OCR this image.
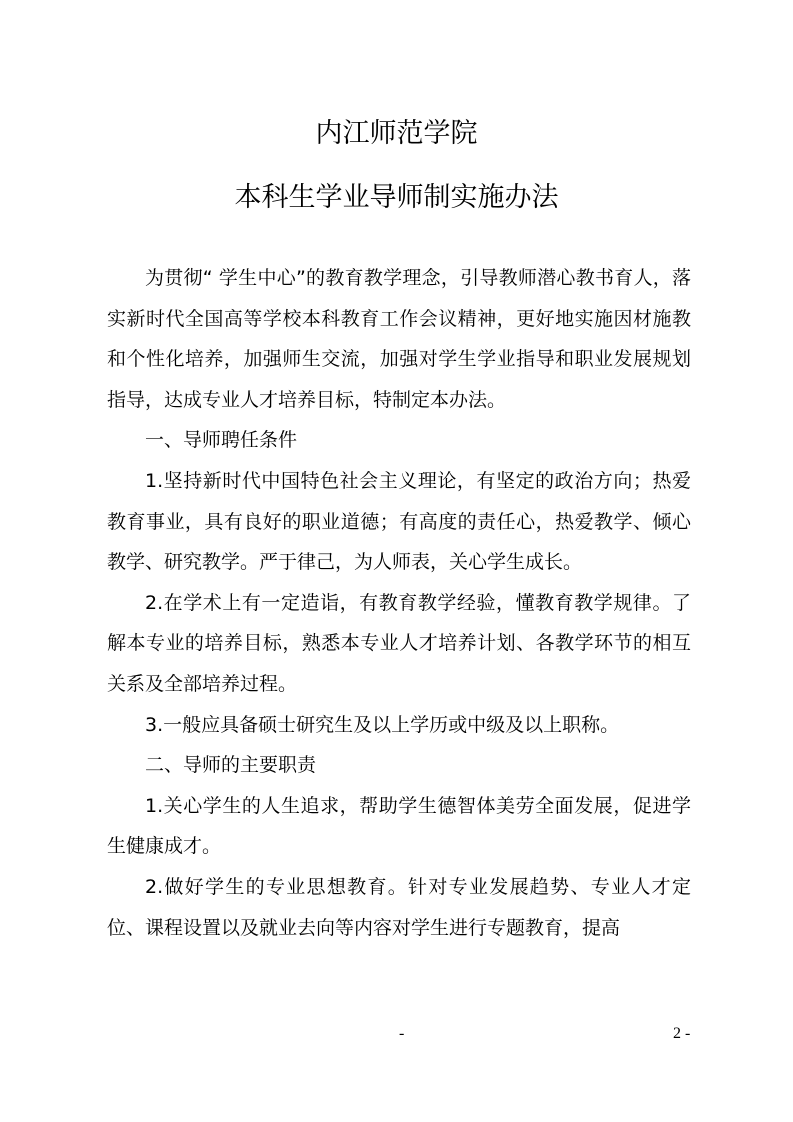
内江师范学院
本科生学业导师制实施办法

为贯彻“ 学生中心”的教育教学理念，引导教师潜心教书育人，落实新时代全国高等学校本科教育工作会议精神，更好地实施因材施教和个性化培养，加强师生交流，加强对学生学业指导和职业发展规划指导，达成专业人才培养目标，特制定本办法。

一、导师聘任条件

1.坚持新时代中国特色社会主义理论，有坚定的政治方向；热爱教育事业，具有良好的职业道德；有高度的责任心，热爱教学、倾心教学、研究教学。严于律己，为人师表，关心学生成长。

2.在学术上有一定造诣，有教育教学经验，懂教育教学规律。了解本专业的培养目标，熟悉本专业人才培养计划、各教学环节的相互关系及全部培养过程。

3.一般应具备硕士研究生及以上学历或中级及以上职称。

二、导师的主要职责

1.关心学生的人生追求，帮助学生德智体美劳全面发展，促进学生健康成才。

2.做好学生的专业思想教育。针对专业发展趋势、专业人才定位、课程设置以及就业去向等内容对学生进行专题教育，提高

-	2 -
